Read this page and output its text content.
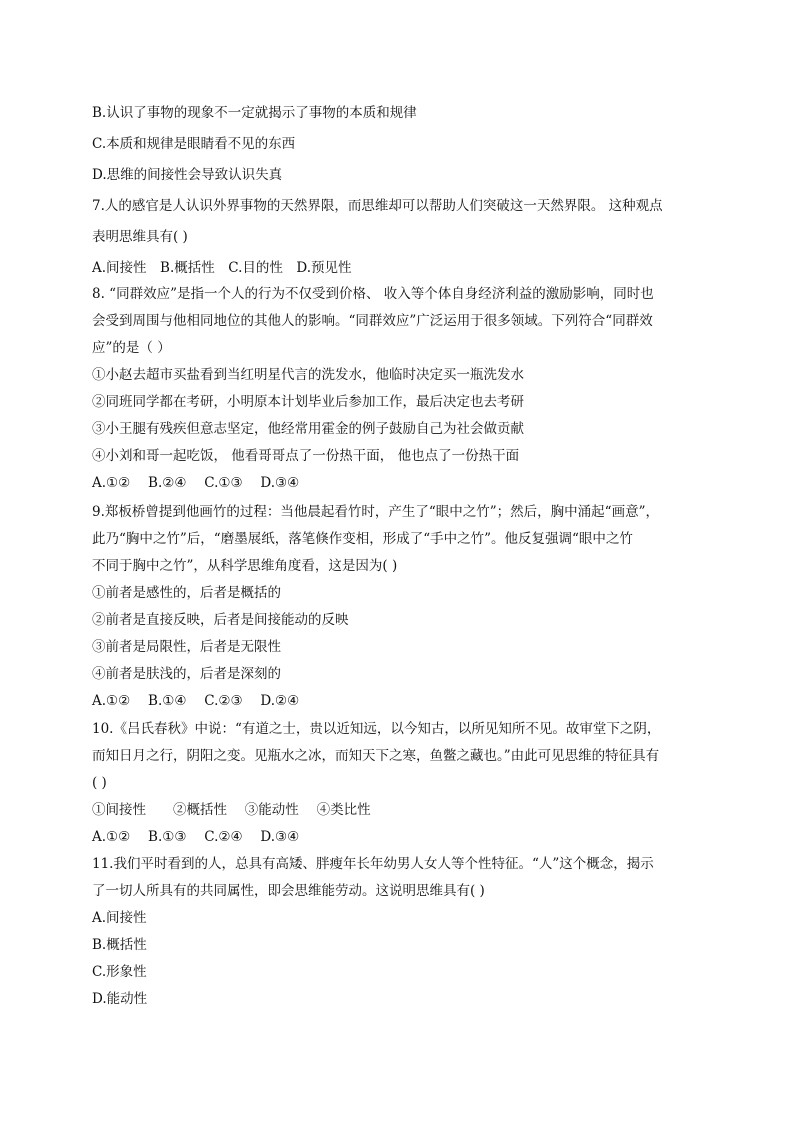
B.认识了事物的现象不一定就揭示了事物的本质和规律
C.本质和规律是眼睛看不见的东西
D.思维的间接性会导致认识失真
7.人的感官是人认识外界事物的天然界限，而思维却可以帮助人们突破这一天然界限。 这种观点
表明思维具有( )
A.间接性　B.概括性　C.目的性　D.预见性
8. “同群效应”是指一个人的行为不仅受到价格、 收入等个体自身经济利益的激励影响，同时也
会受到周围与他相同地位的其他人的影响。“同群效应”广泛运用于很多领域。下列符合“同群效
应”的是（ ）
①小赵去超市买盐看到当红明星代言的洗发水，他临时决定买一瓶洗发水
②同班同学都在考研，小明原本计划毕业后参加工作，最后决定也去考研
③小王腿有残疾但意志坚定，他经常用霍金的例子鼓励自己为社会做贡献
④小刘和哥一起吃饭， 他看哥哥点了一份热干面， 他也点了一份热干面
A.①②　 B.②④　 C.①③　 D.③④
9.郑板桥曾提到他画竹的过程：当他晨起看竹时，产生了“眼中之竹”；然后，胸中涌起“画意”，
此乃“胸中之竹”后，“磨墨展纸，落笔倏作变相，形成了“手中之竹”。他反复强调“眼中之竹
不同于胸中之竹”，从科学思维角度看，这是因为( )
①前者是感性的，后者是概括的
②前者是直接反映，后者是间接能动的反映
③前者是局限性，后者是无限性
④前者是肤浅的，后者是深刻的
A.①②　 B.①④　 C.②③　 D.②④
10.《吕氏春秋》中说：“有道之士，贵以近知远，以今知古，以所见知所不见。故审堂下之阴，
而知日月之行，阴阳之变。见瓶水之冰，而知天下之寒，鱼鳖之藏也。”由此可见思维的特征具有
( )
①间接性　　②概括性　 ③能动性　 ④类比性
A.①②　 B.①③　 C.②④　 D.③④
11.我们平时看到的人，总具有高矮、胖瘦年长年幼男人女人等个性特征。“人”这个概念，揭示
了一切人所具有的共同属性，即会思维能劳动。这说明思维具有( )
A.间接性
B.概括性
C.形象性
D.能动性
